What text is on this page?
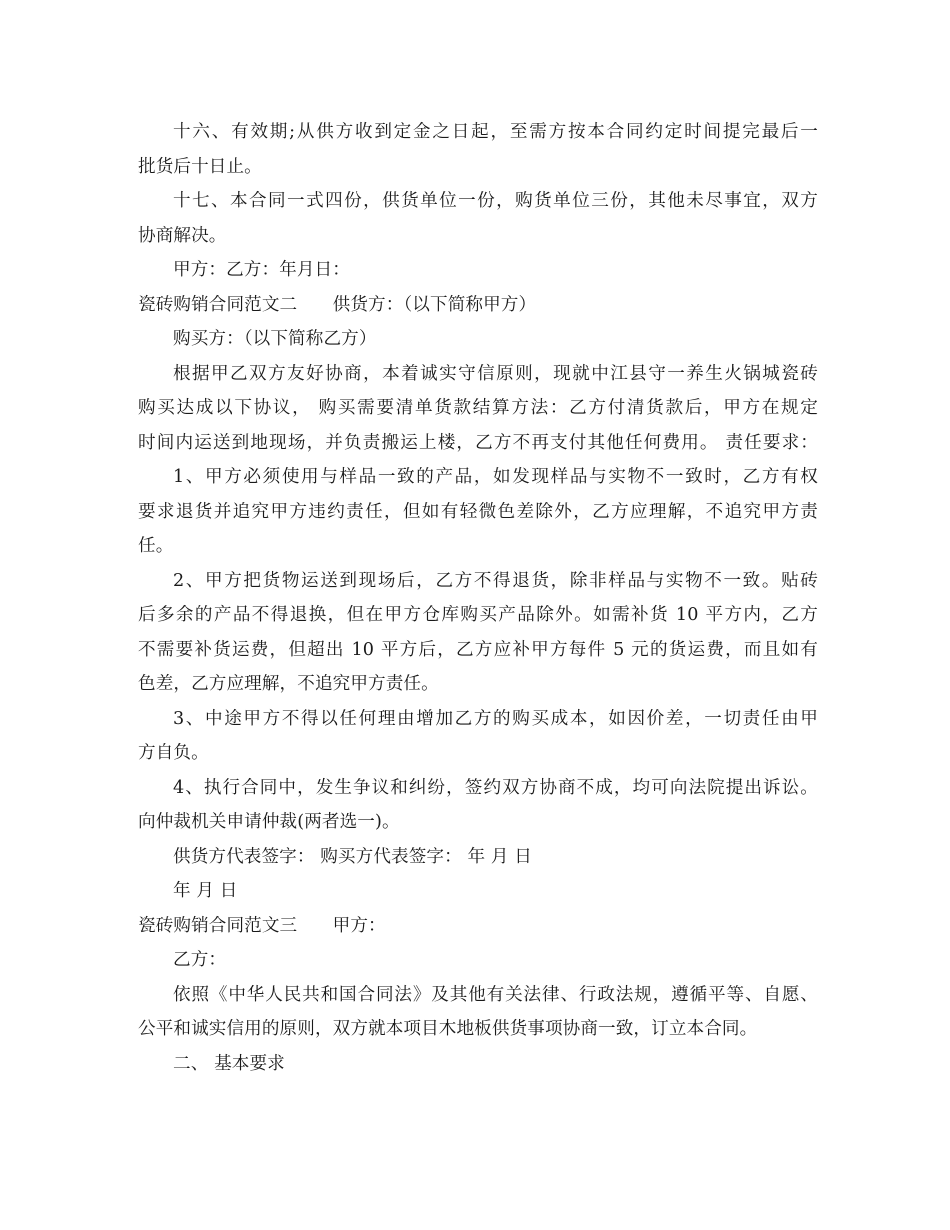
十六、有效期;从供方收到定金之日起，至需方按本合同约定时间提完最后一
批货后十日止。
十七、本合同一式四份，供货单位一份，购货单位三份，其他未尽事宜，双方
协商解决。
甲方：乙方：年月日：
瓷砖购销合同范文二　　供货方：（以下简称甲方）
购买方：（以下简称乙方）
根据甲乙双方友好协商，本着诚实守信原则，现就中江县守一养生火锅城瓷砖
购买达成以下协议， 购买需要清单货款结算方法：乙方付清货款后，甲方在规定
时间内运送到地现场，并负责搬运上楼，乙方不再支付其他任何费用。 责任要求：
1、甲方必须使用与样品一致的产品，如发现样品与实物不一致时，乙方有权
要求退货并追究甲方违约责任，但如有轻微色差除外，乙方应理解，不追究甲方责
任。
2、甲方把货物运送到现场后，乙方不得退货，除非样品与实物不一致。贴砖
后多余的产品不得退换，但在甲方仓库购买产品除外。如需补货 10 平方内，乙方
不需要补货运费，但超出 10 平方后，乙方应补甲方每件 5 元的货运费，而且如有
色差，乙方应理解，不追究甲方责任。
3、中途甲方不得以任何理由增加乙方的购买成本，如因价差，一切责任由甲
方自负。
4、执行合同中，发生争议和纠纷，签约双方协商不成，均可向法院提出诉讼。
向仲裁机关申请仲裁(两者选一)。
供货方代表签字： 购买方代表签字： 年 月 日
年 月 日
瓷砖购销合同范文三　　甲方：
乙方：
依照《中华人民共和国合同法》及其他有关法律、行政法规，遵循平等、自愿、
公平和诚实信用的原则，双方就本项目木地板供货事项协商一致，订立本合同。
二、 基本要求
